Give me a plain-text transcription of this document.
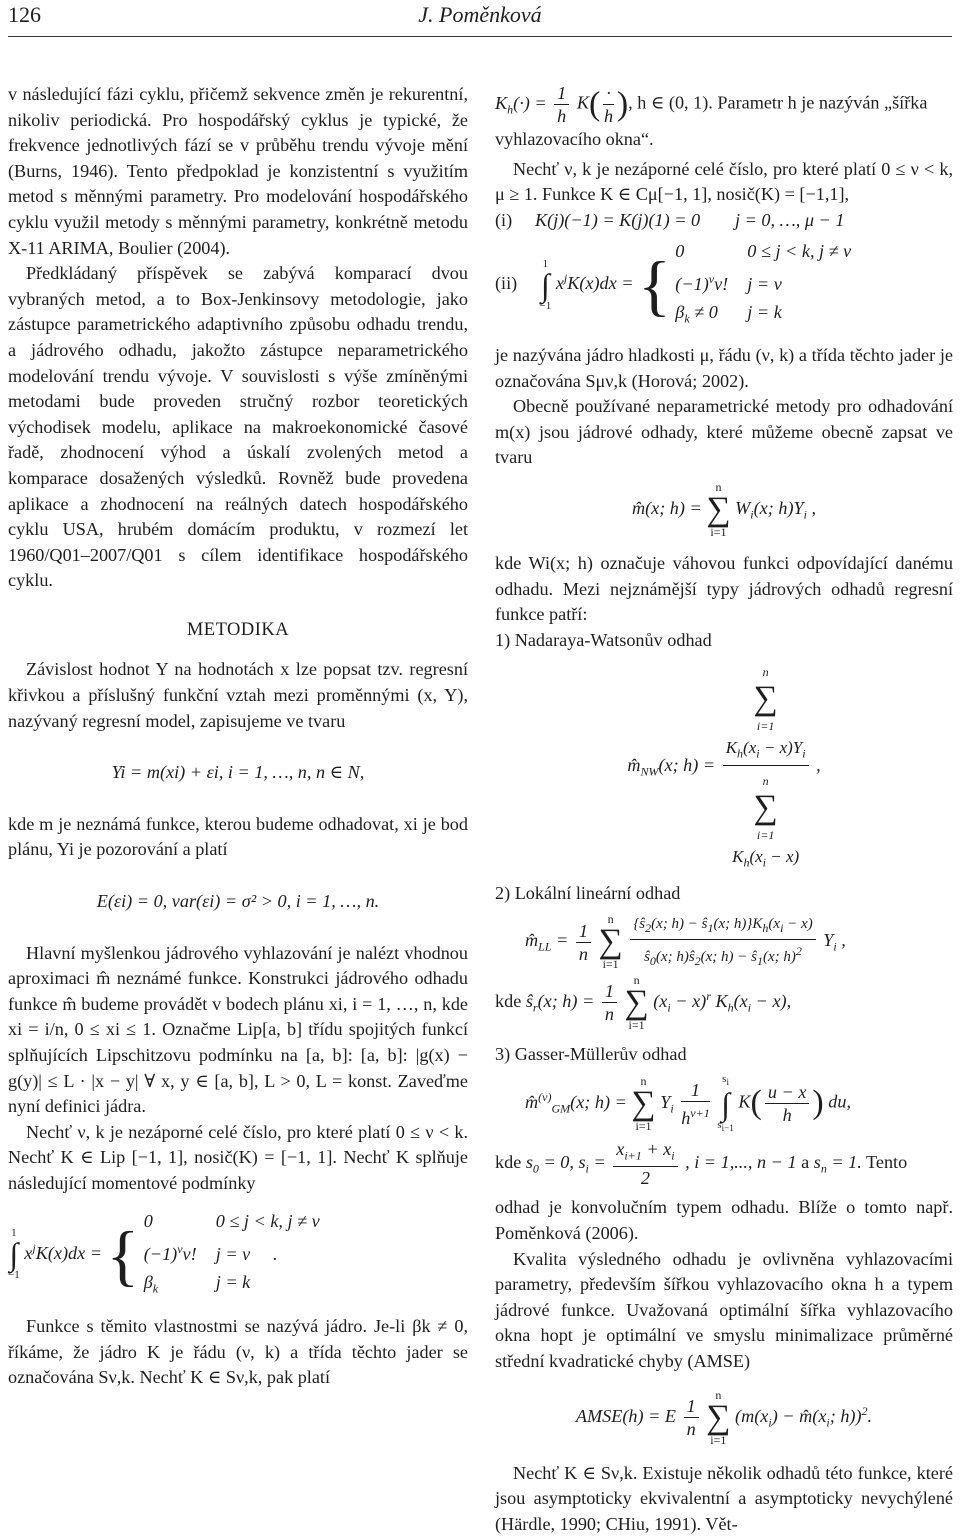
126	J. Poměnková

v následující fázi cyklu, přičemž sekvence změn je rekurentní, nikoliv periodická. Pro hospodářský cyklus je typické, že frekvence jednotlivých fází se v průběhu trendu vývoje mění (Burns, 1946). Tento předpoklad je konzistentní s využitím metod s měnnými parametry. Pro modelování hospodářského cyklu využil metody s měnnými parametry, konkrétně metodu X-11 ARIMA, Boulier (2004).

Předkládaný příspěvek se zabývá komparací dvou vybraných metod, a to Box-Jenkinsovy metodologie, jako zástupce parametrického adaptivního způsobu odhadu trendu, a jádrového odhadu, jakožto zástupce neparametrického modelování trendu vývoje. V souvislosti s výše zmíněnými metodami bude proveden stručný rozbor teoretických východisek modelu, aplikace na makroekonomické časové řadě, zhodnocení výhod a úskalí zvolených metod a komparace dosažených výsledků. Rovněž bude provedena aplikace a zhodnocení na reálných datech hospodářského cyklu USA, hrubém domácím produktu, v rozmezí let 1960/Q01–2007/Q01 s cílem identifikace hospodářského cyklu.

METODIKA

Závislost hodnot Y na hodnotách x lze popsat tzv. regresní křivkou a příslušný funkční vztah mezi proměnnými (x, Y), nazývaný regresní model, zapisujeme ve tvaru

Yi = m(xi) + εi, i = 1, …, n, n ∈ N,

kde m je neznámá funkce, kterou budeme odhadovat, xi je bod plánu, Yi je pozorování a platí

E(εi) = 0, var(εi) = σ² > 0, i = 1, …, n.

Hlavní myšlenkou jádrového vyhlazování je nalézt vhodnou aproximaci m̂ neznámé funkce. Konstrukci jádrového odhadu funkce m̂ budeme provádět v bodech plánu xi, i = 1, …, n, kde xi = i/n, 0 ≤ xi ≤ 1. Označme Lip[a, b] třídu spojitých funkcí splňujících Lipschitzovu podmínku na [a, b]: [a, b]: |g(x) − g(y)| ≤ L · |x − y| ∀ x, y ∈ [a, b], L > 0, L = konst. Zaveďme nyní definici jádra.

Nechť ν, k je nezáporné celé číslo, pro které platí 0 ≤ ν < k. Nechť K ∈ Lip [−1, 1], nosič(K) = [−1, 1]. Nechť K splňuje následující momentové podmínky

1
∫
−1 $x^jK(x)dx$ = { 0	0 ≤ j < k, j ≠ ν
$(-1)^\nu\nu$! j = ν     .
$\beta_k$	j = k

Funkce s těmito vlastnostmi se nazývá jádro. Je-li βk ≠ 0, říkáme, že jádro K je řádu (ν, k) a třída těchto jader se označována Sν,k. Nechť K ∈ Sν,k, pak platí

$K_h(\cdot) = \frac{1}{h} K( \frac{\cdot}{h}$ ), h ∈ (0, 1). Parametr h je nazýván „šířka vyhlazovacího okna“.

Nechť ν, k je nezáporné celé číslo, pro které platí 0 ≤ ν < k, μ ≥ 1. Funkce K ∈ Cμ[−1, 1], nosič(K) = [−1,1],

(i)	K(j)(−1) = K(j)(1) = 0	j = 0, …, μ − 1
(ii) 1
∫
−1 $x^jK(x)dx$ = { 0	0 ≤ j < k, j ≠ ν
$(-1)^\nu\nu$! j = ν
$\beta_k \ne 0$ j = k

je nazývána jádro hladkosti μ, řádu (ν, k) a třída těchto jader je označována Sμν,k (Horová; 2002).

Obecně používané neparametrické metody pro odhadování m(x) jsou jádrové odhady, které můžeme obecně zapsat ve tvaru

m̂(x; h) = n
∑
i=1 $W_i(x$; $h)Y_i$ ,

kde Wi(x; h) označuje váhovou funkci odpovídající danému odhadu. Mezi nejznámější typy jádrových odhadů regresní funkce patří:

1) Nadaraya-Watsonův odhad

$m̂_{NW}(x$; h) = n
∑
i=1
$K_h(x_i - x)Y_i$
n
∑
i=1
$K_h(x_i - x)$ ,

2) Lokální lineární odhad

$m̂_{LL} = \frac{1}{n}$
n
∑
$i=1 \frac{\{ŝ_2(x; h) - ŝ_1(x; h)\}K_h(x_i - x)}{ŝ_0(x; h)ŝ_2(x; h) - ŝ_1(x; h)^2} Y_i$ ,
kde $ŝ_r(x$; $h) = \frac{1}{n}$
n
∑
i=1 $(x_i - x)^r$ $K_h(x_i - x)$,

3) Gasser-Müllerův odhad

m̂$^{(\nu)}_{GM}$(x; h) = n
∑
i=1 $Y_i \frac{1}{h^{\nu+1}} s_i$
∫
$s_{i-1}$ $K( \frac{u - x}{h}$ ) du,
kde $s_0 = 0$, $s_i = \frac{x_{i+1} + x_i}{2}$ , i = 1,..., n − 1 a $s_n = 1$. Tento

odhad je konvolučním typem odhadu. Blíže o tomto např. Poměnková (2006).

Kvalita výsledného odhadu je ovlivněna vyhlazovacími parametry, především šířkou vyhlazovacího okna h a typem jádrové funkce. Uvažovaná optimální šířka vyhlazovacího okna hopt je optimální ve smyslu minimalizace průměrné střední kvadratické chyby (AMSE)

AMSE(h) = E $\frac{1}{n}$
n
∑
i=1 ($m(x_i)$ − $m̂(x_i$; h))$^2$.

Nechť K ∈ Sν,k. Existuje několik odhadů této funkce, které jsou asymptoticky ekvivalentní a asymptoticky nevychýlené (Härdle, 1990; CHiu, 1991). Vět-
